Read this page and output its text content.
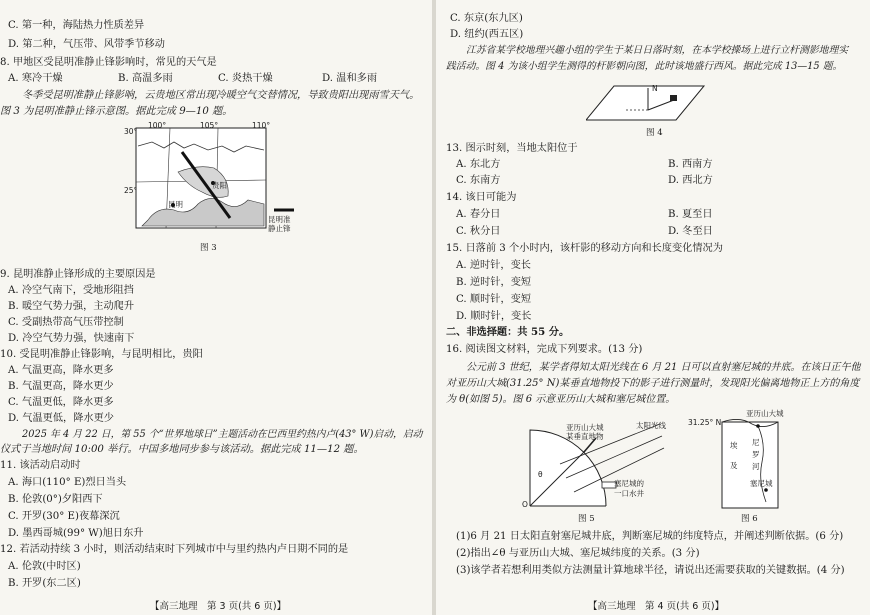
C. 第一种，海陆热力性质差异
D. 第二种，气压带、风带季节移动
8. 甲地区受昆明准静止锋影响时，常见的天气是
A. 寒冷干燥	B. 高温多雨	C. 炎热干燥	D. 温和多雨
冬季受昆明准静止锋影响，云贵地区常出现冷暖空气交替情况，导致贵阳出现雨雪天气。
图 3 为昆明准静止锋示意图。据此完成 9—10 题。
100°	105°	110°
30°
25°
贵阳
昆明
昆明准
静止锋
图 3
9. 昆明准静止锋形成的主要原因是
A. 冷空气南下，受地形阻挡
B. 暖空气势力强，主动爬升
C. 受副热带高气压带控制
D. 冷空气势力强，快速南下
10. 受昆明准静止锋影响，与昆明相比，贵阳
A. 气温更高，降水更多
B. 气温更高，降水更少
C. 气温更低，降水更多
D. 气温更低，降水更少
2025 年 4 月 22 日，第 55 个“世界地球日”主题活动在巴西里约热内卢(43° W)启动，启动
仪式于当地时间 10:00 举行。中国多地同步参与该活动。据此完成 11—12 题。
11. 该活动启动时
A. 海口(110° E)烈日当头
B. 伦敦(0°)夕阳西下
C. 开罗(30° E)夜幕深沉
D. 墨西哥城(99° W)旭日东升
12. 若活动持续 3 小时，则活动结束时下列城市中与里约热内卢日期不同的是
A. 伦敦(中时区)
B. 开罗(东二区)
【高三地理　第 3 页(共 6 页)】
C. 东京(东九区)
D. 纽约(西五区)
江苏省某学校地理兴趣小组的学生于某日日落时刻，在本学校操场上进行立杆测影地理实
践活动。图 4 为该小组学生测得的杆影朝向图，此时该地盛行西风。据此完成 13—15 题。
N
图 4
13. 图示时刻，当地太阳位于
A. 东北方	B. 西南方
C. 东南方	D. 西北方
14. 该日可能为
A. 春分日	B. 夏至日
C. 秋分日	D. 冬至日
15. 日落前 3 个小时内，该杆影的移动方向和长度变化情况为
A. 逆时针，变长
B. 逆时针，变短
C. 顺时针，变短
D. 顺时针，变长
二、非选择题：共 55 分。
16. 阅读图文材料，完成下列要求。(13 分)
公元前 3 世纪，某学者得知太阳光线在 6 月 21 日可以直射塞尼城的井底。在该日正午他对亚历山大城(31.25° N)某垂直地物投下的影子进行测量时，发现阳光偏离地物正上方的角度为 θ(如图 5)。图 6 示意亚历山大城和塞尼城位置。
亚历山大城
某垂直地物
太阳光线
θ
塞尼城的
一口水井
O
图 5
31.25° N
亚历山大城
埃
及
尼
罗
河
塞尼城
图 6
(1)6 月 21 日太阳直射塞尼城井底，判断塞尼城的纬度特点，并阐述判断依据。(6 分)
(2)指出∠θ 与亚历山大城、塞尼城纬度的关系。(3 分)
(3)该学者若想利用类似方法测量计算地球半径，请说出还需要获取的关键数据。(4 分)
【高三地理　第 4 页(共 6 页)】
